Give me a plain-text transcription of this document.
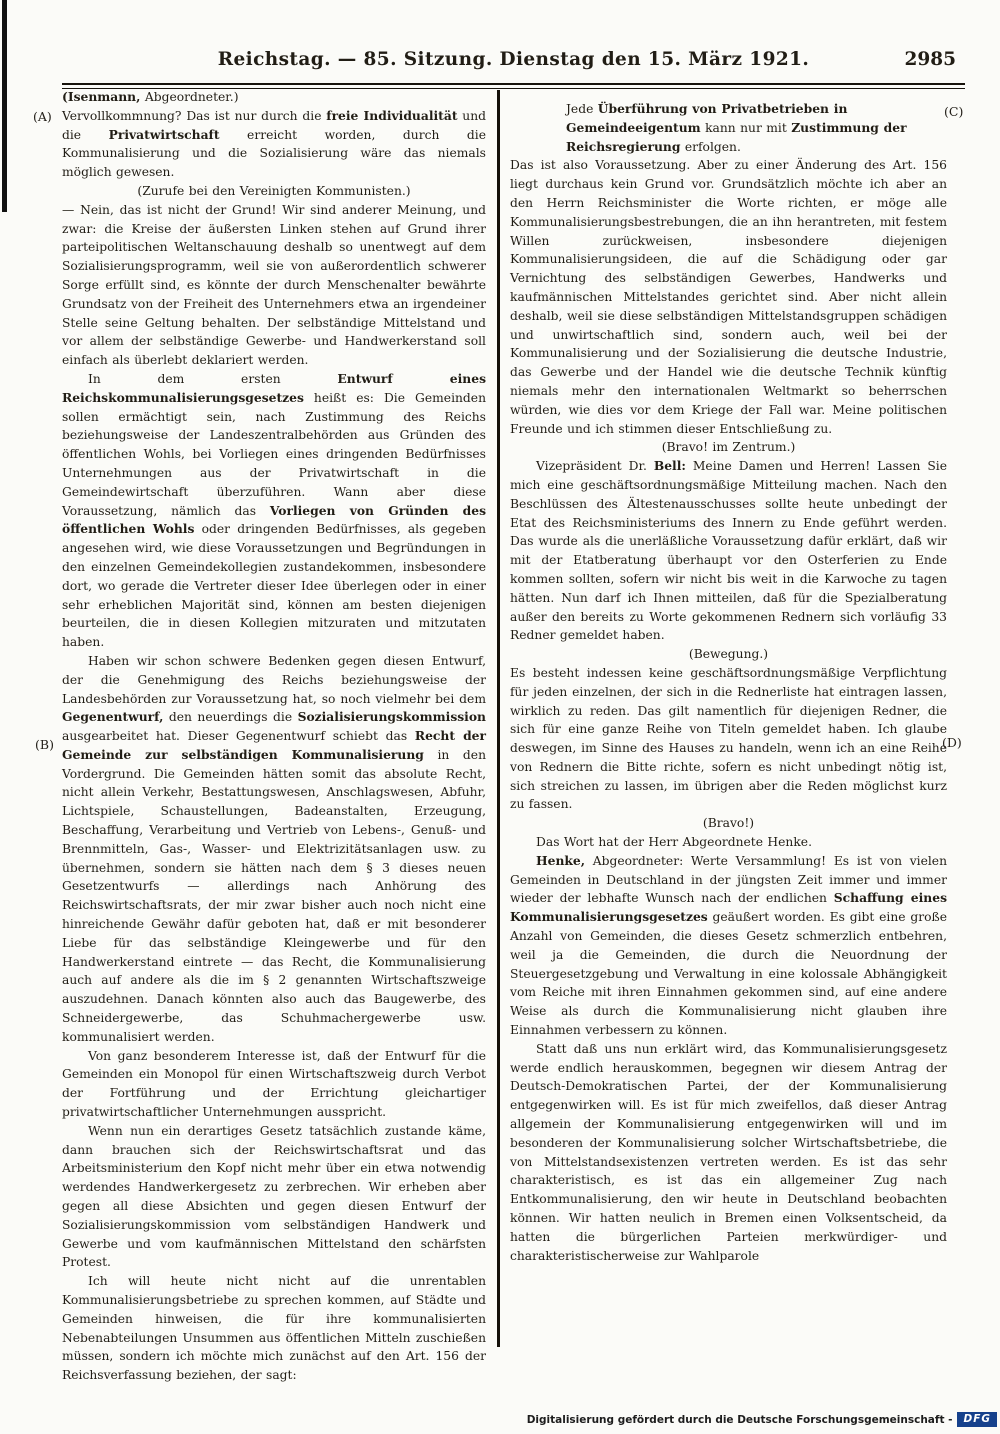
Reichstag. — 85. Sitzung. Dienstag den 15. März 1921.	2985
(A)
(B)
(C)
(D)

(Isenmann, Abgeordneter.)

Vervollkommnung? Das ist nur durch die freie Individualität und die Privatwirtschaft erreicht worden, durch die Kommunalisierung und die Sozialisierung wäre das niemals möglich gewesen.

(Zurufe bei den Vereinigten Kommunisten.)

— Nein, das ist nicht der Grund! Wir sind anderer Meinung, und zwar: die Kreise der äußersten Linken stehen auf Grund ihrer parteipolitischen Weltanschauung deshalb so unentwegt auf dem Sozialisierungsprogramm, weil sie von außerordentlich schwerer Sorge erfüllt sind, es könnte der durch Menschenalter bewährte Grundsatz von der Freiheit des Unternehmers etwa an irgendeiner Stelle seine Geltung behalten. Der selbständige Mittelstand und vor allem der selbständige Gewerbe- und Handwerkerstand soll einfach als überlebt deklariert werden.

In dem ersten Entwurf eines Reichskommunalisierungsgesetzes heißt es: Die Gemeinden sollen ermächtigt sein, nach Zustimmung des Reichs beziehungsweise der Landeszentralbehörden aus Gründen des öffentlichen Wohls, bei Vorliegen eines dringenden Bedürfnisses Unternehmungen aus der Privatwirtschaft in die Gemeindewirtschaft überzuführen. Wann aber diese Voraussetzung, nämlich das Vorliegen von Gründen des öffentlichen Wohls oder dringenden Bedürfnisses, als gegeben angesehen wird, wie diese Voraussetzungen und Begründungen in den einzelnen Gemeindekollegien zustandekommen, insbesondere dort, wo gerade die Vertreter dieser Idee überlegen oder in einer sehr erheblichen Majorität sind, können am besten diejenigen beurteilen, die in diesen Kollegien mitzuraten und mitzutaten haben.

Haben wir schon schwere Bedenken gegen diesen Entwurf, der die Genehmigung des Reichs beziehungsweise der Landesbehörden zur Voraussetzung hat, so noch vielmehr bei dem Gegenentwurf, den neuerdings die Sozialisierungskommission ausgearbeitet hat. Dieser Gegenentwurf schiebt das Recht der Gemeinde zur selbständigen Kommunalisierung in den Vordergrund. Die Gemeinden hätten somit das absolute Recht, nicht allein Verkehr, Bestattungswesen, Anschlagswesen, Abfuhr, Lichtspiele, Schaustellungen, Badeanstalten, Erzeugung, Beschaffung, Verarbeitung und Vertrieb von Lebens-, Genuß- und Brennmitteln, Gas-, Wasser- und Elektrizitätsanlagen usw. zu übernehmen, sondern sie hätten nach dem § 3 dieses neuen Gesetzentwurfs — allerdings nach Anhörung des Reichswirtschaftsrats, der mir zwar bisher auch noch nicht eine hinreichende Gewähr dafür geboten hat, daß er mit besonderer Liebe für das selbständige Kleingewerbe und für den Handwerkerstand eintrete — das Recht, die Kommunalisierung auch auf andere als die im § 2 genannten Wirtschaftszweige auszudehnen. Danach könnten also auch das Baugewerbe, des Schneidergewerbe, das Schuhmachergewerbe usw. kommunalisiert werden.

Von ganz besonderem Interesse ist, daß der Entwurf für die Gemeinden ein Monopol für einen Wirtschaftszweig durch Verbot der Fortführung und der Errichtung gleichartiger privatwirtschaftlicher Unternehmungen ausspricht.

Wenn nun ein derartiges Gesetz tatsächlich zustande käme, dann brauchen sich der Reichswirtschaftsrat und das Arbeitsministerium den Kopf nicht mehr über ein etwa notwendig werdendes Handwerkergesetz zu zerbrechen. Wir erheben aber gegen all diese Absichten und gegen diesen Entwurf der Sozialisierungskommission vom selbständigen Handwerk und Gewerbe und vom kaufmännischen Mittelstand den schärfsten Protest.

Ich will heute nicht nicht auf die unrentablen Kommunalisierungsbetriebe zu sprechen kommen, auf Städte und Gemeinden hinweisen, die für ihre kommunalisierten Nebenabteilungen Unsummen aus öffentlichen Mitteln zuschießen müssen, sondern ich möchte mich zunächst auf den Art. 156 der Reichsverfassung beziehen, der sagt:

Jede Überführung von Privatbetrieben in Gemeindeeigentum kann nur mit Zustimmung der Reichsregierung erfolgen.

Das ist also Voraussetzung. Aber zu einer Änderung des Art. 156 liegt durchaus kein Grund vor. Grundsätzlich möchte ich aber an den Herrn Reichsminister die Worte richten, er möge alle Kommunalisierungsbestrebungen, die an ihn herantreten, mit festem Willen zurückweisen, insbesondere diejenigen Kommunalisierungsideen, die auf die Schädigung oder gar Vernichtung des selbständigen Gewerbes, Handwerks und kaufmännischen Mittelstandes gerichtet sind. Aber nicht allein deshalb, weil sie diese selbständigen Mittelstandsgruppen schädigen und unwirtschaftlich sind, sondern auch, weil bei der Kommunalisierung und der Sozialisierung die deutsche Industrie, das Gewerbe und der Handel wie die deutsche Technik künftig niemals mehr den internationalen Weltmarkt so beherrschen würden, wie dies vor dem Kriege der Fall war. Meine politischen Freunde und ich stimmen dieser Entschließung zu.

(Bravo! im Zentrum.)

Vizepräsident Dr. Bell: Meine Damen und Herren! Lassen Sie mich eine geschäftsordnungsmäßige Mitteilung machen. Nach den Beschlüssen des Ältestenausschusses sollte heute unbedingt der Etat des Reichsministeriums des Innern zu Ende geführt werden. Das wurde als die unerläßliche Voraussetzung dafür erklärt, daß wir mit der Etatberatung überhaupt vor den Osterferien zu Ende kommen sollten, sofern wir nicht bis weit in die Karwoche zu tagen hätten. Nun darf ich Ihnen mitteilen, daß für die Spezialberatung außer den bereits zu Worte gekommenen Rednern sich vorläufig 33 Redner gemeldet haben.

(Bewegung.)

Es besteht indessen keine geschäftsordnungsmäßige Verpflichtung für jeden einzelnen, der sich in die Rednerliste hat eintragen lassen, wirklich zu reden. Das gilt namentlich für diejenigen Redner, die sich für eine ganze Reihe von Titeln gemeldet haben. Ich glaube deswegen, im Sinne des Hauses zu handeln, wenn ich an eine Reihe von Rednern die Bitte richte, sofern es nicht unbedingt nötig ist, sich streichen zu lassen, im übrigen aber die Reden möglichst kurz zu fassen.

(Bravo!)

Das Wort hat der Herr Abgeordnete Henke.

Henke, Abgeordneter: Werte Versammlung! Es ist von vielen Gemeinden in Deutschland in der jüngsten Zeit immer und immer wieder der lebhafte Wunsch nach der endlichen Schaffung eines Kommunalisierungsgesetzes geäußert worden. Es gibt eine große Anzahl von Gemeinden, die dieses Gesetz schmerzlich entbehren, weil ja die Gemeinden, die durch die Neuordnung der Steuergesetzgebung und Verwaltung in eine kolossale Abhängigkeit vom Reiche mit ihren Einnahmen gekommen sind, auf eine andere Weise als durch die Kommunalisierung nicht glauben ihre Einnahmen verbessern zu können.

Statt daß uns nun erklärt wird, das Kommunalisierungsgesetz werde endlich herauskommen, begegnen wir diesem Antrag der Deutsch-Demokratischen Partei, der der Kommunalisierung entgegenwirken will. Es ist für mich zweifellos, daß dieser Antrag allgemein der Kommunalisierung entgegenwirken will und im besonderen der Kommunalisierung solcher Wirtschaftsbetriebe, die von Mittelstandsexistenzen vertreten werden. Es ist das sehr charakteristisch, es ist das ein allgemeiner Zug nach Entkommunalisierung, den wir heute in Deutschland beobachten können. Wir hatten neulich in Bremen einen Volksentscheid, da hatten die bürgerlichen Parteien merkwürdiger- und charakteristischerweise zur Wahlparole

Digitalisierung gefördert durch die Deutsche Forschungsgemeinschaft -	DFG
